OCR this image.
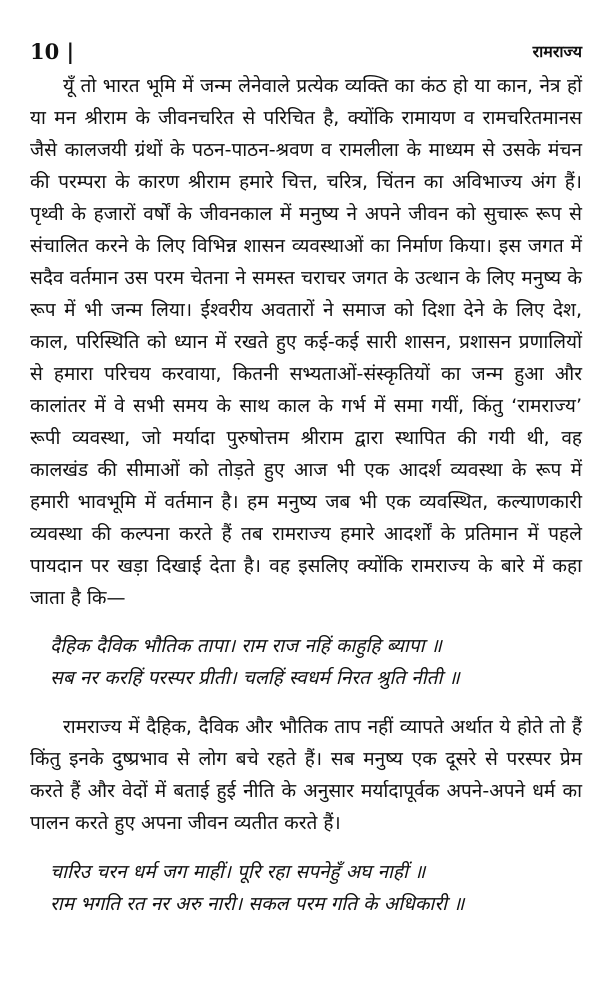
10 |	रामराज्य

यूँ तो भारत भूमि में जन्म लेनेवाले प्रत्येक व्यक्ति का कंठ हो या कान, नेत्र हों या मन श्रीराम के जीवनचरित से परिचित है, क्योंकि रामायण व रामचरितमानस जैसे कालजयी ग्रंथों के पठन-पाठन-श्रवण व रामलीला के माध्यम से उसके मंचन की परम्परा के कारण श्रीराम हमारे चित्त, चरित्र, चिंतन का अविभाज्य अंग हैं। पृथ्वी के हजारों वर्षों के जीवनकाल में मनुष्य ने अपने जीवन को सुचारू रूप से संचालित करने के लिए विभिन्न शासन व्यवस्थाओं का निर्माण किया। इस जगत में सदैव वर्तमान उस परम चेतना ने समस्त चराचर जगत के उत्थान के लिए मनुष्य के रूप में भी जन्म लिया। ईश्वरीय अवतारों ने समाज को दिशा देने के लिए देश, काल, परिस्थिति को ध्यान में रखते हुए कई-कई सारी शासन, प्रशासन प्रणालियों से हमारा परिचय करवाया, कितनी सभ्यताओं-संस्कृतियों का जन्म हुआ और कालांतर में वे सभी समय के साथ काल के गर्भ में समा गयीं, किंतु ‘रामराज्य’ रूपी व्यवस्था, जो मर्यादा पुरुषोत्तम श्रीराम द्वारा स्थापित की गयी थी, वह कालखंड की सीमाओं को तोड़ते हुए आज भी एक आदर्श व्यवस्था के रूप में हमारी भावभूमि में वर्तमान है। हम मनुष्य जब भी एक व्यवस्थित, कल्याणकारी व्यवस्था की कल्पना करते हैं तब रामराज्य हमारे आदर्शों के प्रतिमान में पहले पायदान पर खड़ा दिखाई देता है। वह इसलिए क्योंकि रामराज्य के बारे में कहा जाता है कि—

दैहिक दैविक भौतिक तापा। राम राज नहिं काहुहि ब्यापा ॥
सब नर करहिं परस्पर प्रीती। चलहिं स्वधर्म निरत श्रुति नीती ॥

रामराज्य में दैहिक, दैविक और भौतिक ताप नहीं व्यापते अर्थात ये होते तो हैं किंतु इनके दुष्प्रभाव से लोग बचे रहते हैं। सब मनुष्य एक दूसरे से परस्पर प्रेम करते हैं और वेदों में बताई हुई नीति के अनुसार मर्यादापूर्वक अपने-अपने धर्म का पालन करते हुए अपना जीवन व्यतीत करते हैं।

चारिउ चरन धर्म जग माहीं। पूरि रहा सपनेहुँ अघ नाहीं ॥
राम भगति रत नर अरु नारी। सकल परम गति के अधिकारी ॥
